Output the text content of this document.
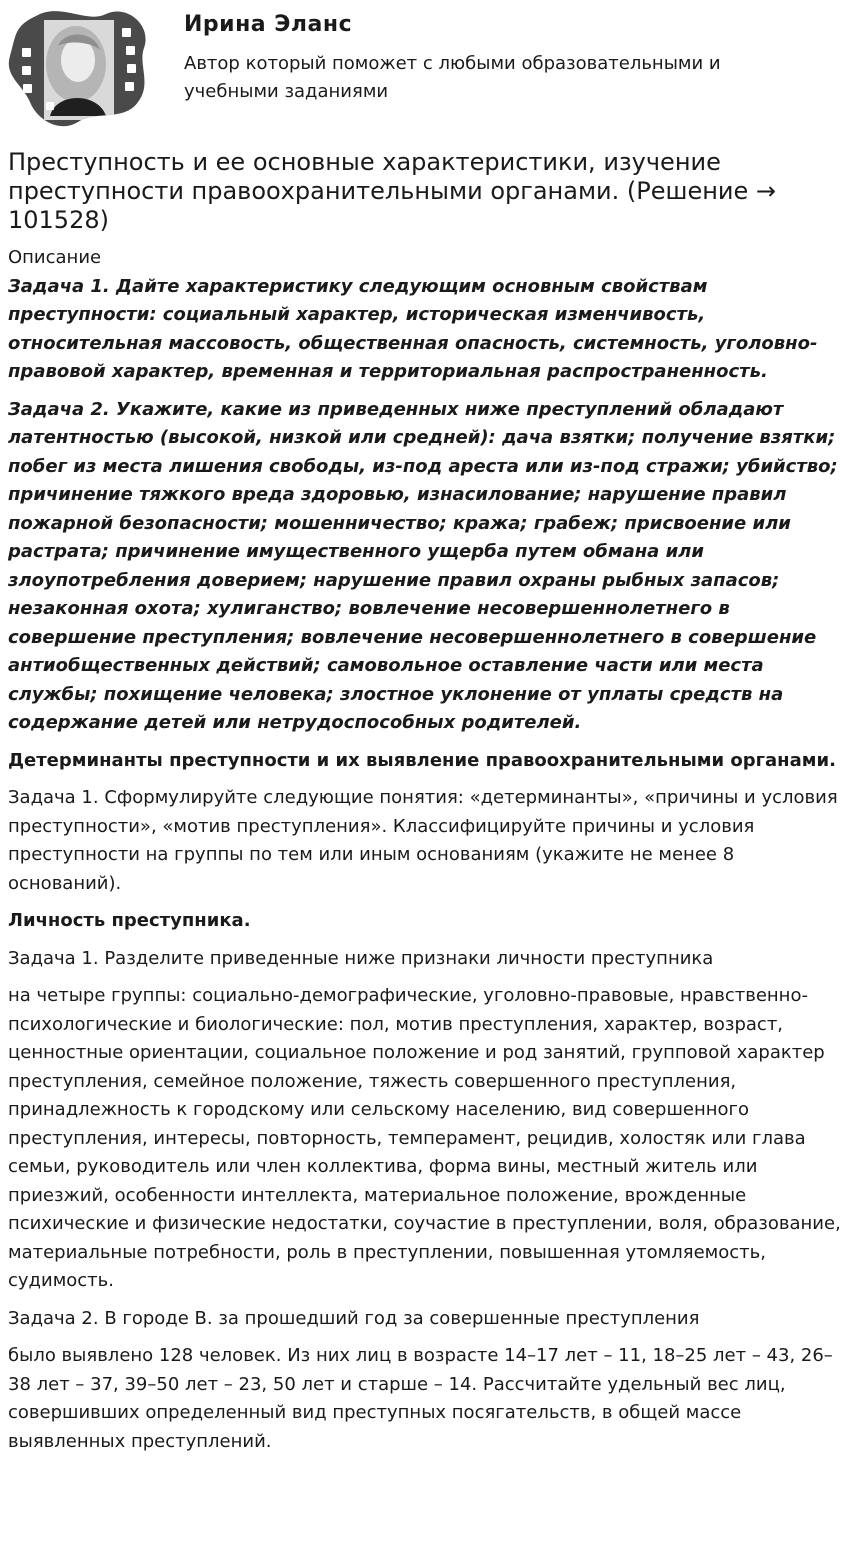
Ирина Эланс

Автор который поможет с любыми образовательными и учебными заданиями

Преступность и ее основные характеристики, изучение преступности правоохранительными органами. (Решение → 101528)

Описание

Задача 1. Дайте характеристику следующим основным свойствам преступности: социальный характер, историческая изменчивость, относительная массовость, общественная опасность, системность, уголовно-правовой характер, временная и территориальная распространенность.

Задача 2. Укажите, какие из приведенных ниже преступлений обладают латентностью (высокой, низкой или средней): дача взятки; получение взятки; побег из места лишения свободы, из-под ареста или из-под стражи; убийство; причинение тяжкого вреда здоровью, изнасилование; нарушение правил пожарной безопасности; мошенничество; кража; грабеж; присвоение или растрата; причинение имущественного ущерба путем обмана или злоупотребления доверием; нарушение правил охраны рыбных запасов; незаконная охота; хулиганство; вовлечение несовершеннолетнего в совершение преступления; вовлечение несовершеннолетнего в совершение антиобщественных действий; самовольное оставление части или места службы; похищение человека; злостное уклонение от уплаты средств на содержание детей или нетрудоспособных родителей.

Детерминанты преступности и их выявление правоохранительными органами.

Задача 1. Сформулируйте следующие понятия: «детерминанты», «причины и условия преступности», «мотив преступления». Классифицируйте причины и условия преступности на группы по тем или иным основаниям (укажите не менее 8 оснований).

Личность преступника.

Задача 1. Разделите приведенные ниже признаки личности преступника

на четыре группы: социально-демографические, уголовно-правовые, нравственно-психологические и биологические: пол, мотив преступления, характер, возраст, ценностные ориентации, социальное положение и род занятий, групповой характер преступления, семейное положение, тяжесть совершенного преступления, принадлежность к городскому или сельскому населению, вид совершенного преступления, интересы, повторность, темперамент, рецидив, холостяк или глава семьи, руководитель или член коллектива, форма вины, местный житель или приезжий, особенности интеллекта, материальное положение, врожденные психические и физические недостатки, соучастие в преступлении, воля, образование, материальные потребности, роль в преступлении, повышенная утомляемость, судимость.

Задача 2. В городе В. за прошедший год за совершенные преступления

было выявлено 128 человек. Из них лиц в возрасте 14–17 лет – 11, 18–25 лет – 43, 26–38 лет – 37, 39–50 лет – 23, 50 лет и старше – 14. Рассчитайте удельный вес лиц, совершивших определенный вид преступных посягательств, в общей массе выявленных преступлений.
